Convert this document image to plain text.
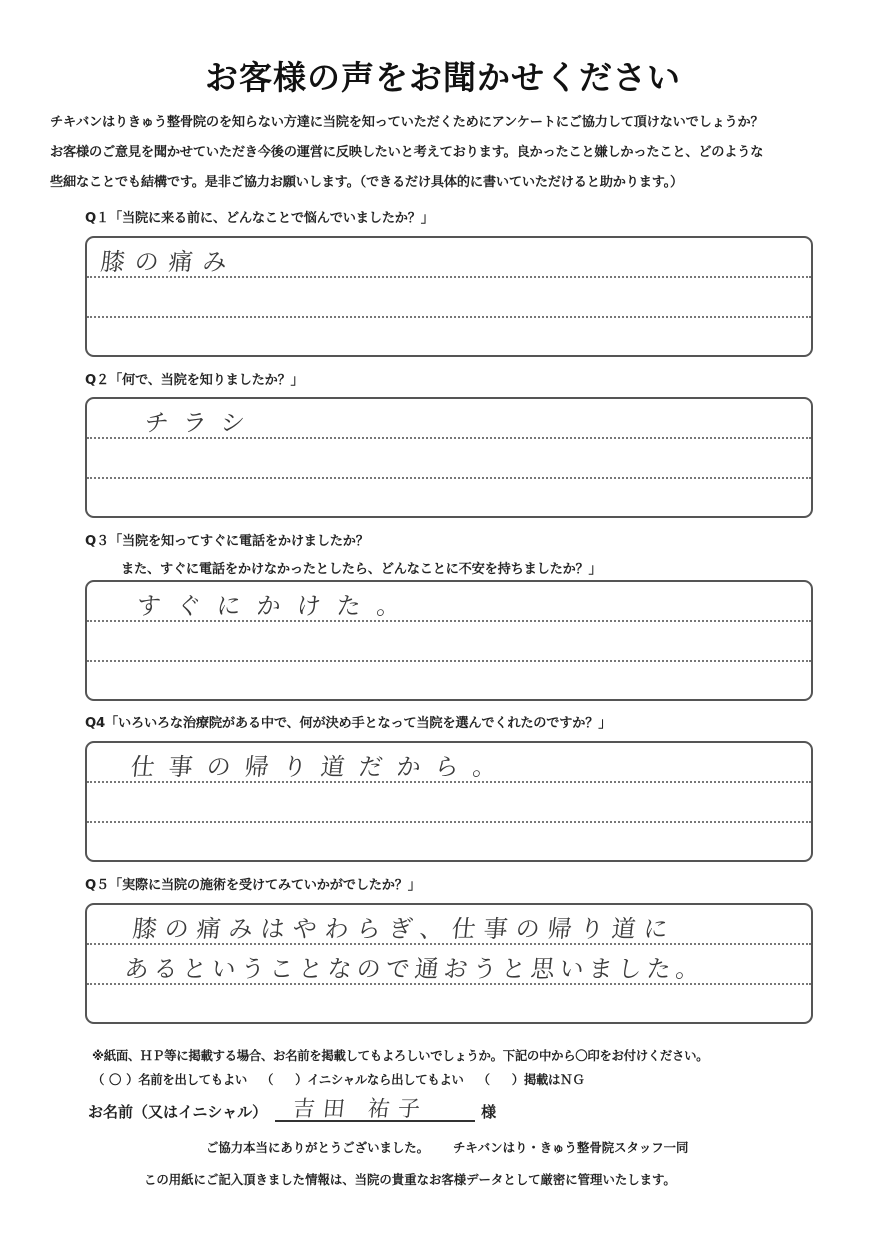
お客様の声をお聞かせください
チキバンはりきゅう整骨院のを知らない方達に当院を知っていただくためにアンケートにご協力して頂けないでしょうか？
お客様のご意見を聞かせていただき今後の運営に反映したいと考えております。良かったこと嫌しかったこと、どのような
些細なことでも結構です。是非ご協力お願いします。（できるだけ具体的に書いていただけると助かります。）
Q１「当院に来る前に、どんなことで悩んでいましたか？」
膝の痛み
Q２「何で、当院を知りましたか？」
チラシ
Q３「当院を知ってすぐに電話をかけましたか？
また、すぐに電話をかけなかったとしたら、どんなことに不安を持ちましたか？」
すぐにかけた。
Q4「いろいろな治療院がある中で、何が決め手となって当院を選んでくれたのですか？」
仕事の帰り道だから。
Q５「実際に当院の施術を受けてみていかがでしたか？」
膝の痛みはやわらぎ、仕事の帰り道に
あるということなので通おうと思いました。
※紙面、ＨＰ等に掲載する場合、お名前を掲載してもよろしいでしょうか。下記の中から〇印をお付けください。
（ 〇 ） 名前を出してもよい （ ） イニシャルなら出してもよい （ ） 掲載はＮＧ
お名前（又はイニシャル） 吉田 祐子	様
ご協力本当にありがとうございました。 チキバンはり・きゅう整骨院スタッフ一同
この用紙にご記入頂きました情報は、当院の貴重なお客様データとして厳密に管理いたします。
